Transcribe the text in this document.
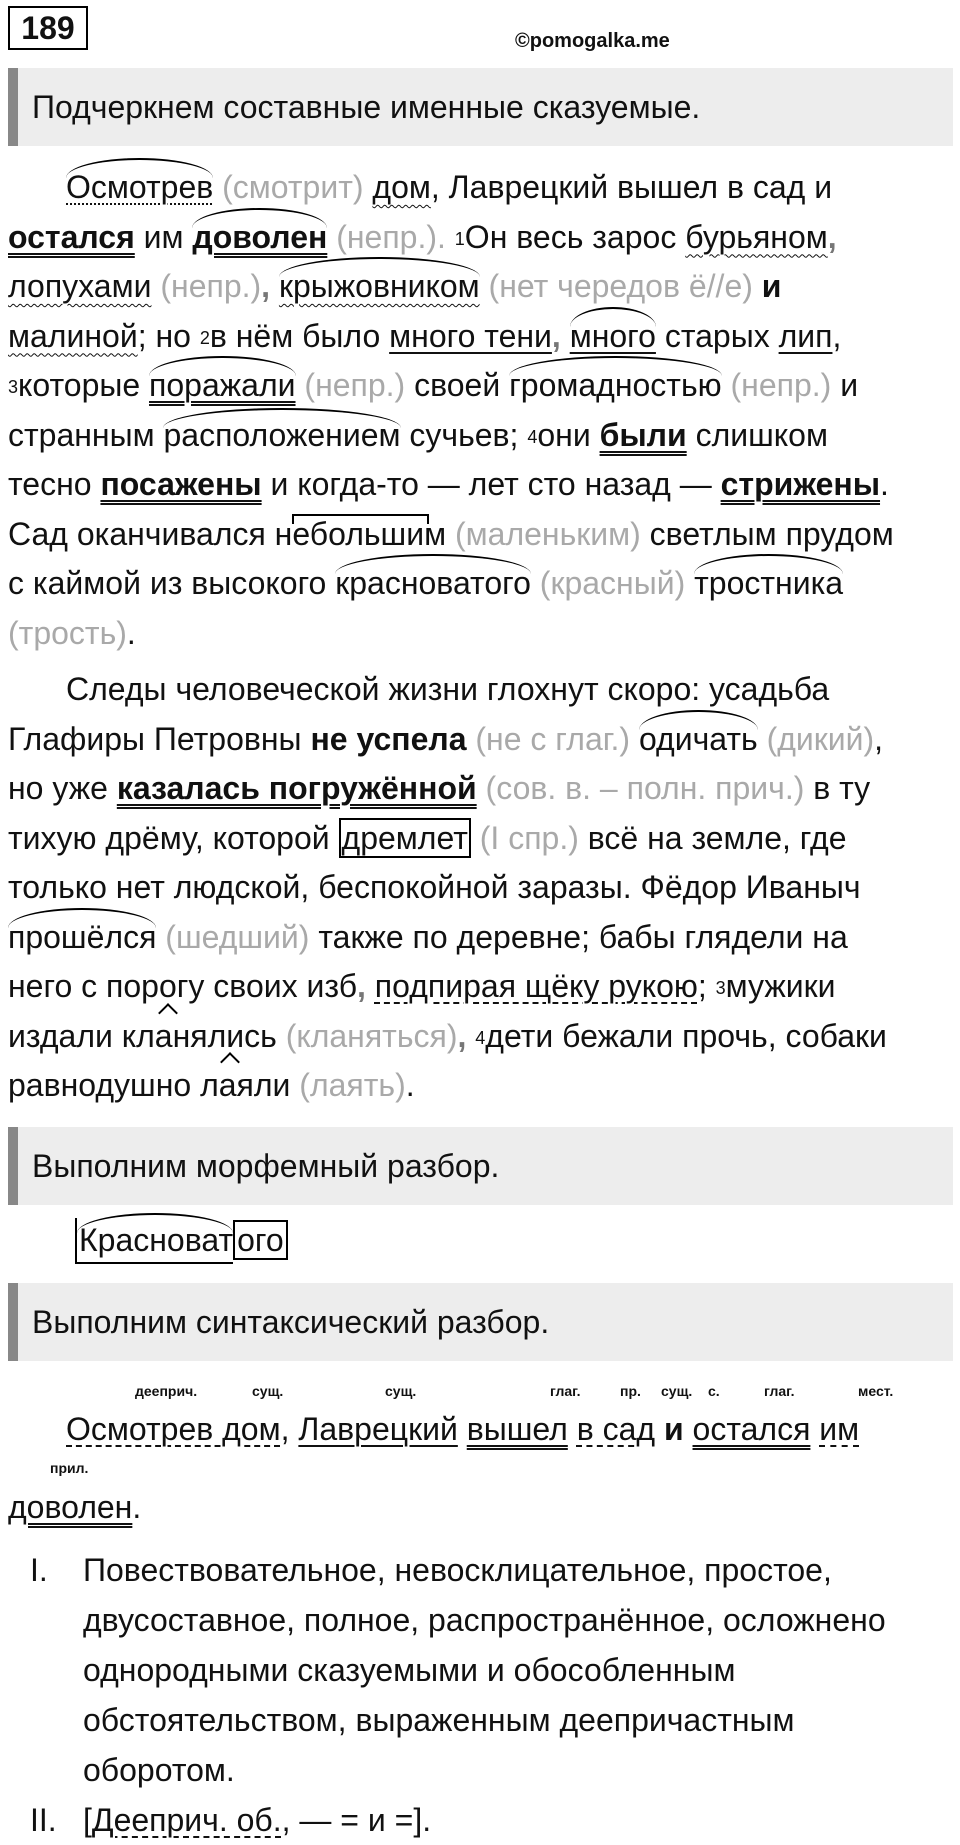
189	©pomogalka.me
Подчеркнем составные именные сказуемые.
Осмотрев (смотрит) дом, Лаврецкий вышел в сад и
остался им доволен (непр.). $^1$Он весь зарос бурьяном,
лопухами (непр.), крыжовником (нет чередов ё//е) и
малиной; но $^2$в нём было много тени, много старых лип,
$^3$которые поражали (непр.) своей громадностью (непр.) и
странным расположением сучьев; $^4$они были слишком
тесно посажены и когда-то — лет сто назад — стрижены.
Сад оканчивался небольшим (маленьким) светлым прудом
с каймой из высокого красноватого (красный) тростника
(трость).
Следы человеческой жизни глохнут скоро: усадьба
Глафиры Петровны не успела (не с глаг.) одичать (дикий),
но уже казалась погружённой (сов. в. – полн. прич.) в ту
тихую дрёму, которой дремлет (I спр.) всё на земле, где
только нет людской, беспокойной заразы. Фёдор Иваныч
прошёлся (шедший) также по деревне; бабы глядели на
него с порогу своих изб, подпирая щёку рукою; $^3$мужики
издали кланялись (кланяться), $^4$дети бежали прочь, собаки
равнодушно лаяли (лаять).
Выполним морфемный разбор.
Красноват ого
Выполним синтаксический разбор.
дееприч.	сущ.	сущ.	глаг.	пр. сущ. с.	глаг.	мест.
прил.
Осмотрев дом, Лаврецкий вышел в сад и остался им
доволен.
I. Повествовательное, невосклицательное, простое,
двусоставное, полное, распространённое, осложнено
однородными сказуемыми и обособленным
обстоятельством, выраженным деепричастным
оборотом.
II. [Дееприч. об., — = и =].
